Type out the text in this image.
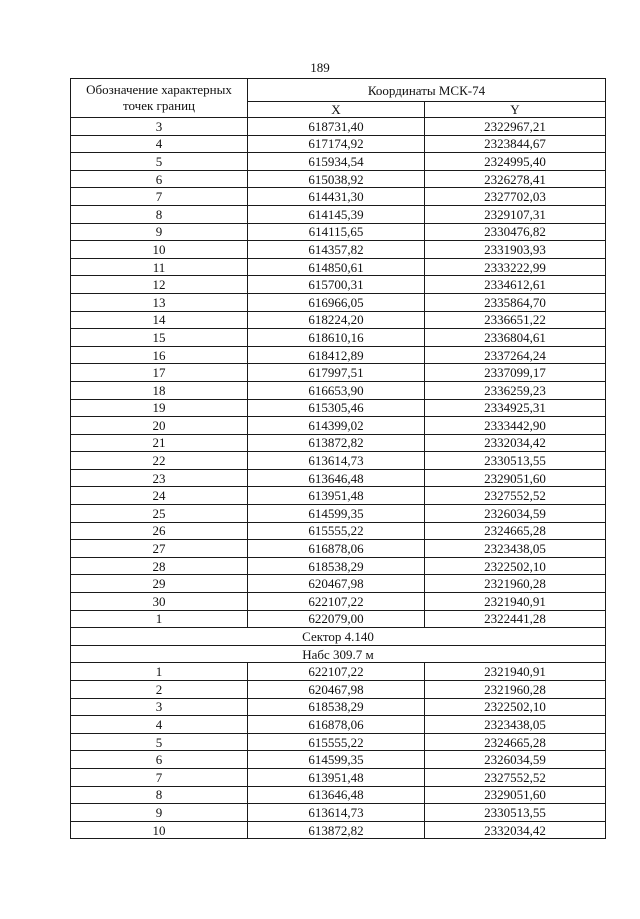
189
Обозначение характерных точек границ	Координаты МСК-74	
	X	Y
3	618731,40	2322967,21
4	617174,92	2323844,67
5	615934,54	2324995,40
6	615038,92	2326278,41
7	614431,30	2327702,03
8	614145,39	2329107,31
9	614115,65	2330476,82
10	614357,82	2331903,93
11	614850,61	2333222,99
12	615700,31	2334612,61
13	616966,05	2335864,70
14	618224,20	2336651,22
15	618610,16	2336804,61
16	618412,89	2337264,24
17	617997,51	2337099,17
18	616653,90	2336259,23
19	615305,46	2334925,31
20	614399,02	2333442,90
21	613872,82	2332034,42
22	613614,73	2330513,55
23	613646,48	2329051,60
24	613951,48	2327552,52
25	614599,35	2326034,59
26	615555,22	2324665,28
27	616878,06	2323438,05
28	618538,29	2322502,10
29	620467,98	2321960,28
30	622107,22	2321940,91
1	622079,00	2322441,28
Сектор 4.140		
Набс 309.7 м		
1	622107,22	2321940,91
2	620467,98	2321960,28
3	618538,29	2322502,10
4	616878,06	2323438,05
5	615555,22	2324665,28
6	614599,35	2326034,59
7	613951,48	2327552,52
8	613646,48	2329051,60
9	613614,73	2330513,55
10	613872,82	2332034,42
